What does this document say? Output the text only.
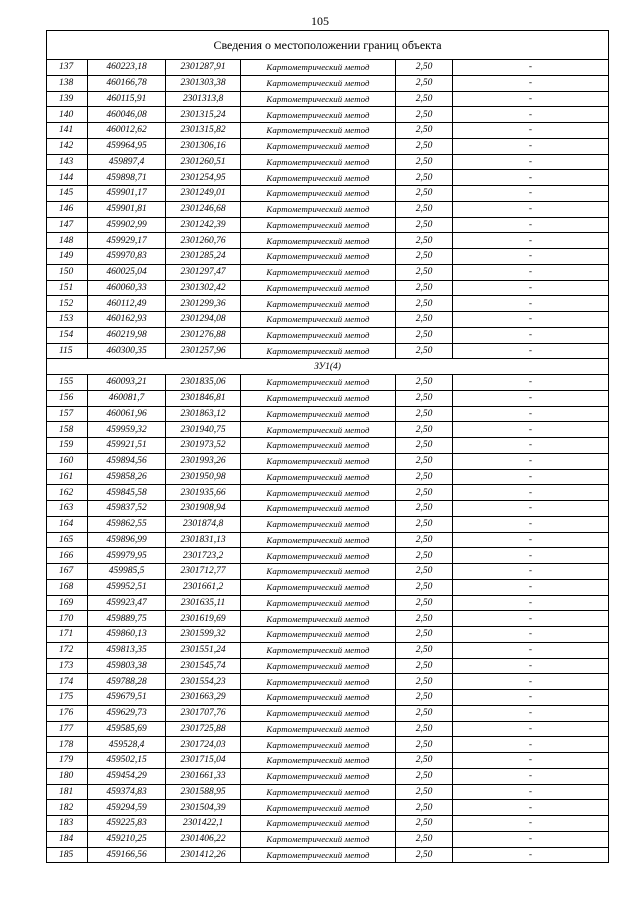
105
Сведения о местоположении границ объекта					
137	460223,18	2301287,91	Картометрический метод	2,50	-
138	460166,78	2301303,38	Картометрический метод	2,50	-
139	460115,91	2301313,8	Картометрический метод	2,50	-
140	460046,08	2301315,24	Картометрический метод	2,50	-
141	460012,62	2301315,82	Картометрический метод	2,50	-
142	459964,95	2301306,16	Картометрический метод	2,50	-
143	459897,4	2301260,51	Картометрический метод	2,50	-
144	459898,71	2301254,95	Картометрический метод	2,50	-
145	459901,17	2301249,01	Картометрический метод	2,50	-
146	459901,81	2301246,68	Картометрический метод	2,50	-
147	459902,99	2301242,39	Картометрический метод	2,50	-
148	459929,17	2301260,76	Картометрический метод	2,50	-
149	459970,83	2301285,24	Картометрический метод	2,50	-
150	460025,04	2301297,47	Картометрический метод	2,50	-
151	460060,33	2301302,42	Картометрический метод	2,50	-
152	460112,49	2301299,36	Картометрический метод	2,50	-
153	460162,93	2301294,08	Картометрический метод	2,50	-
154	460219,98	2301276,88	Картометрический метод	2,50	-
115	460300,35	2301257,96	Картометрический метод	2,50	-
ЗУ1(4)					
155	460093,21	2301835,06	Картометрический метод	2,50	-
156	460081,7	2301846,81	Картометрический метод	2,50	-
157	460061,96	2301863,12	Картометрический метод	2,50	-
158	459959,32	2301940,75	Картометрический метод	2,50	-
159	459921,51	2301973,52	Картометрический метод	2,50	-
160	459894,56	2301993,26	Картометрический метод	2,50	-
161	459858,26	2301950,98	Картометрический метод	2,50	-
162	459845,58	2301935,66	Картометрический метод	2,50	-
163	459837,52	2301908,94	Картометрический метод	2,50	-
164	459862,55	2301874,8	Картометрический метод	2,50	-
165	459896,99	2301831,13	Картометрический метод	2,50	-
166	459979,95	2301723,2	Картометрический метод	2,50	-
167	459985,5	2301712,77	Картометрический метод	2,50	-
168	459952,51	2301661,2	Картометрический метод	2,50	-
169	459923,47	2301635,11	Картометрический метод	2,50	-
170	459889,75	2301619,69	Картометрический метод	2,50	-
171	459860,13	2301599,32	Картометрический метод	2,50	-
172	459813,35	2301551,24	Картометрический метод	2,50	-
173	459803,38	2301545,74	Картометрический метод	2,50	-
174	459788,28	2301554,23	Картометрический метод	2,50	-
175	459679,51	2301663,29	Картометрический метод	2,50	-
176	459629,73	2301707,76	Картометрический метод	2,50	-
177	459585,69	2301725,88	Картометрический метод	2,50	-
178	459528,4	2301724,03	Картометрический метод	2,50	-
179	459502,15	2301715,04	Картометрический метод	2,50	-
180	459454,29	2301661,33	Картометрический метод	2,50	-
181	459374,83	2301588,95	Картометрический метод	2,50	-
182	459294,59	2301504,39	Картометрический метод	2,50	-
183	459225,83	2301422,1	Картометрический метод	2,50	-
184	459210,25	2301406,22	Картометрический метод	2,50	-
185	459166,56	2301412,26	Картометрический метод	2,50	-
